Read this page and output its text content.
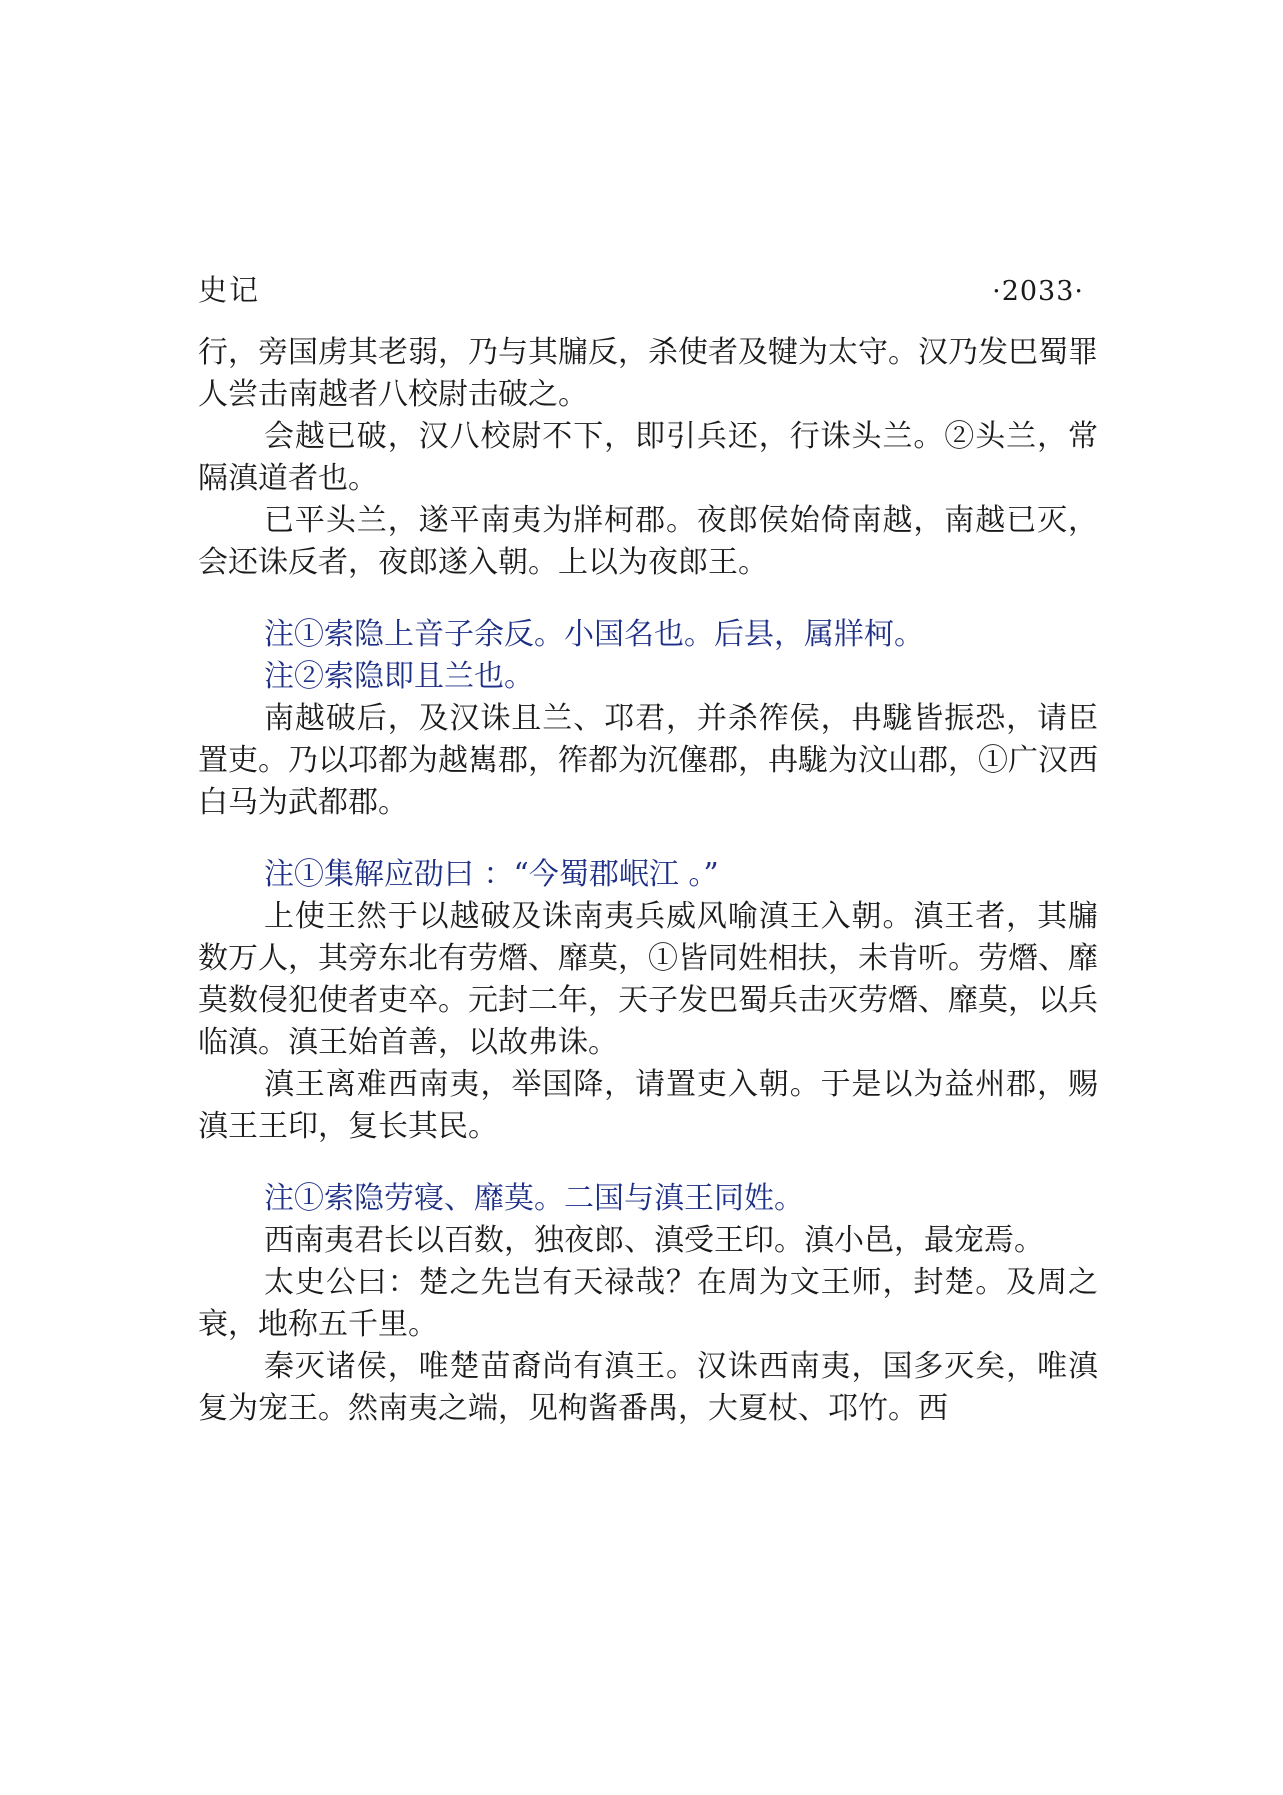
史记	·2033·

行，旁国虏其老弱，乃与其牖反，杀使者及犍为太守。汉乃发巴蜀罪人尝击南越者八校尉击破之。

会越已破，汉八校尉不下，即引兵还，行诛头兰。②头兰，常隔滇道者也。

已平头兰，遂平南夷为牂柯郡。夜郎侯始倚南越，南越已灭，会还诛反者，夜郎遂入朝。上以为夜郎王。

注①索隐上音子余反。小国名也。后县，属牂柯。

注②索隐即且兰也。

南越破后，及汉诛且兰、邛君，并杀筰侯，冉駹皆振恐，请臣置吏。乃以邛都为越嶲郡，筰都为沉僿郡，冉駹为汶山郡，①广汉西白马为武都郡。

注①集解应劭曰 ：“今蜀郡岷江 。”

上使王然于以越破及诛南夷兵威风喻滇王入朝。滇王者，其牖数万人，其旁东北有劳熸、靡莫，①皆同姓相扶，未肯听。劳熸、靡莫数侵犯使者吏卒。元封二年，天子发巴蜀兵击灭劳熸、靡莫，以兵临滇。滇王始首善，以故弗诛。

滇王离难西南夷，举国降，请置吏入朝。于是以为益州郡，赐滇王王印，复长其民。

注①索隐劳寝、靡莫。二国与滇王同姓。

西南夷君长以百数，独夜郎、滇受王印。滇小邑，最宠焉。

太史公曰：楚之先岂有天禄哉？在周为文王师，封楚。及周之衰，地称五千里。

秦灭诸侯，唯楚苗裔尚有滇王。汉诛西南夷，国多灭矣，唯滇复为宠王。然南夷之端，见枸酱番禺，大夏杖、邛竹。西
